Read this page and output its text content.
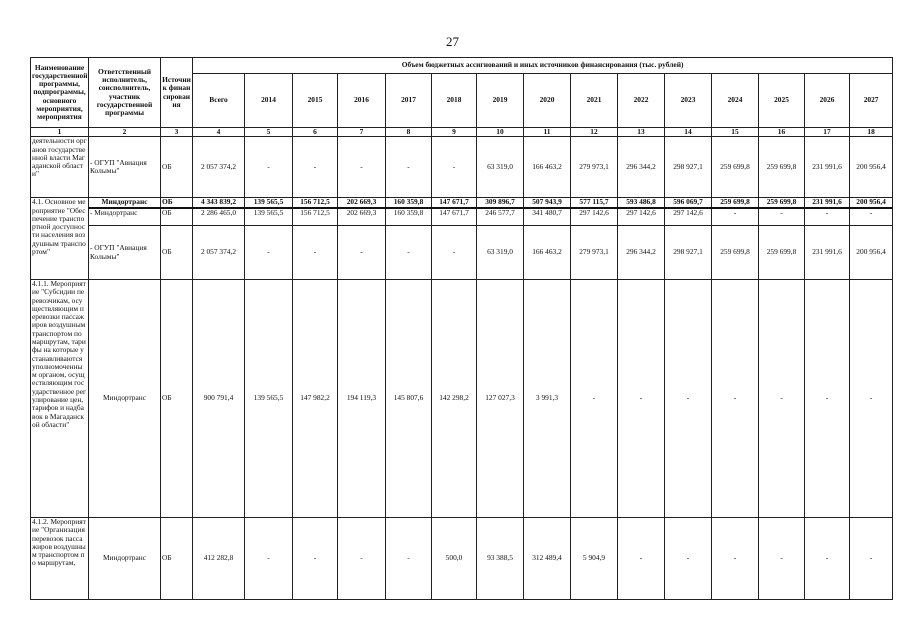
27
Наименование государственной программы, подпрограммы, основного мероприятия, мероприятия	Ответственный исполнитель, соисполнитель, участник государственной программы	Источник финансирования	Объем бюджетных ассигнований и иных источников финансирования (тыс. рублей)														
			Всего	2014	2015	2016	2017	2018	2019	2020	2021	2022	2023	2024	2025	2026	2027
1	2	3	4	5	6	7	8	9	10	11	12	13	14	15	16	17	18
деятельности органов государственной власти Магаданской области"	- ОГУП "Авиация Колымы"	ОБ	2 057 374,2	-	-	-	-	-	63 319,0	166 463,2	279 973,1	296 344,2	298 927,1	259 699,8	259 699,8	231 991,6	200 956,4
4.1. Основное мероприятие "Обеспечение транспортной доступности населения воздушным транспортом"	Миндортранс	ОБ	4 343 839,2	139 565,5	156 712,5	202 669,3	160 359,8	147 671,7	309 896,7	507 943,9	577 115,7	593 486,8	596 069,7	259 699,8	259 699,8	231 991,6	200 956,4
	- Миндортранс	ОБ	2 286 465,0	139 565,5	156 712,5	202 669,3	160 359,8	147 671,7	246 577,7	341 480,7	297 142,6	297 142,6	297 142,6	-	-	-	-
	- ОГУП "Авиация Колымы"	ОБ	2 057 374,2	-	-	-	-	-	63 319,0	166 463,2	279 973,1	296 344,2	298 927,1	259 699,8	259 699,8	231 991,6	200 956,4
4.1.1. Мероприятие "Субсидии перевозчикам, осуществляющим перевозки пассажиров воздушным транспортом по маршрутам, тарифы на которые устанавливаются уполномоченным органом, осуществляющим государственное регулирование цен, тарифов и надбавок в Магаданской области"	Миндортранс	ОБ	900 791,4	139 565,5	147 982,2	194 119,3	145 807,6	142 298,2	127 027,3	3 991,3	-	-	-	-	-	-	-
4.1.2. Мероприятие "Организация перевозок пассажиров воздушным транспортом по маршрутам,	Миндортранс	ОБ	412 282,8	-	-	-	-	500,0	93 388,5	312 489,4	5 904,9	-	-	-	-	-	-
